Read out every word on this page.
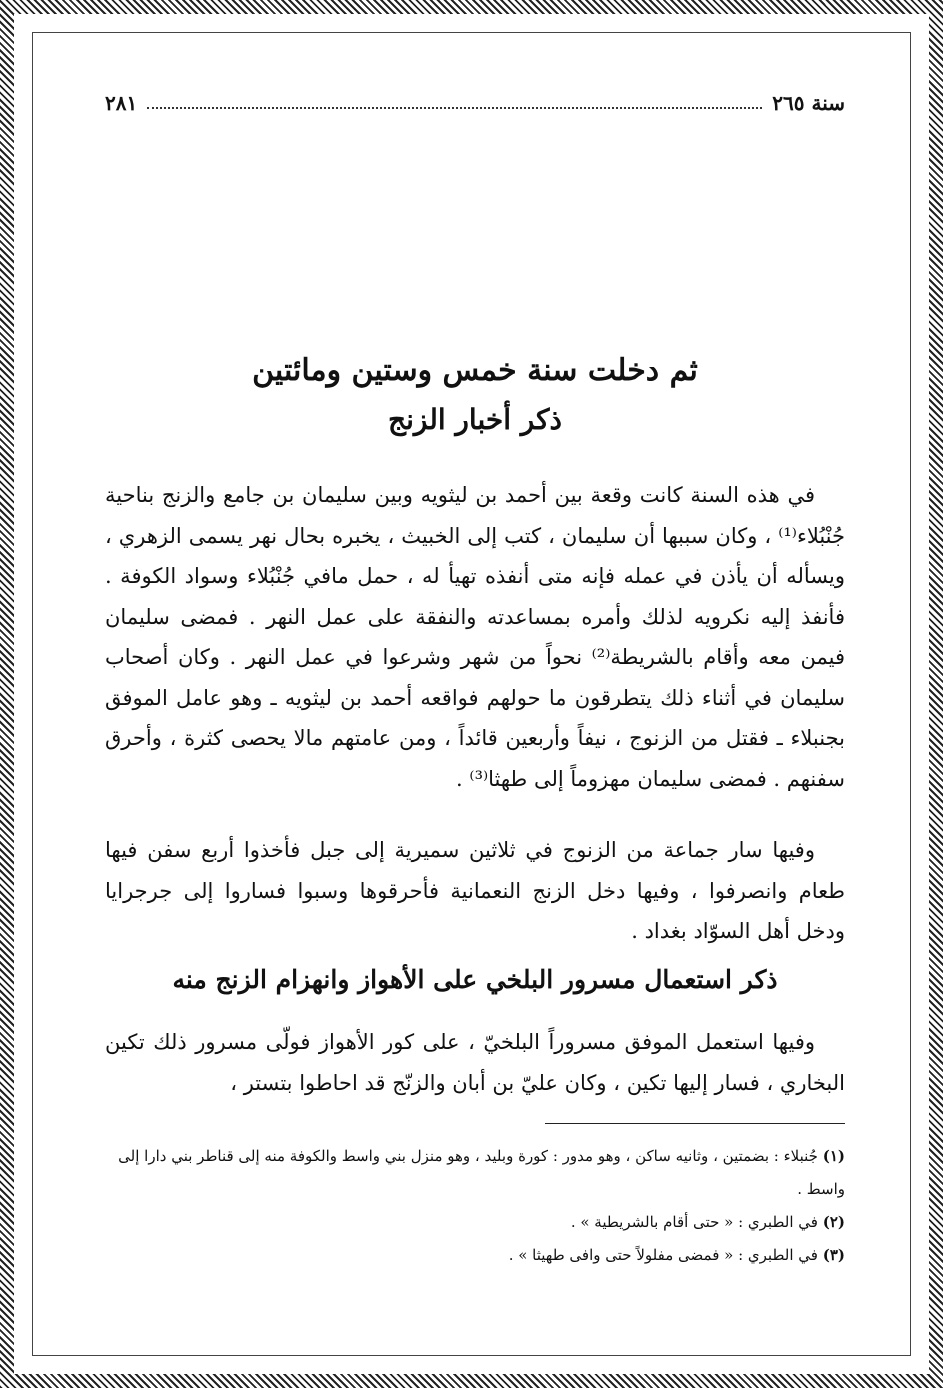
سنة ٢٦٥
٢٨١
ثم دخلت سنة خمس وستين ومائتين
ذكر أخبار الزنج

في هذه السنة كانت وقعة بين أحمد بن ليثويه وبين سليمان بن جامع والزنج بناحية جُنْبُلاء⁽¹⁾ ، وكان سببها أن سليمان ، كتب إلى الخبيث ، يخبره بحال نهر يسمى الزهري ، ويسأله أن يأذن في عمله فإنه متى أنفذه تهيأ له ، حمل مافي جُنْبُلاء وسواد الكوفة . فأنفذ إليه نكرويه لذلك وأمره بمساعدته والنفقة على عمل النهر . فمضى سليمان فيمن معه وأقام بالشريطة⁽²⁾ نحواً من شهر وشرعوا في عمل النهر . وكان أصحاب سليمان في أثناء ذلك يتطرقون ما حولهم فواقعه أحمد بن ليثويه ـ وهو عامل الموفق بجنبلاء ـ فقتل من الزنوج ، نيفاً وأربعين قائداً ، ومن عامتهم مالا يحصى كثرة ، وأحرق سفنهم . فمضى سليمان مهزوماً إلى طهثا⁽³⁾ .

وفيها سار جماعة من الزنوج في ثلاثين سميرية إلى جبل فأخذوا أربع سفن فيها طعام وانصرفوا ، وفيها دخل الزنج النعمانية فأحرقوها وسبوا فساروا إلى جرجرايا ودخل أهل السوّاد بغداد .

ذكر استعمال مسرور البلخي على الأهواز وانهزام الزنج منه

وفيها استعمل الموفق مسروراً البلخيّ ، على كور الأهواز فولّى مسرور ذلك تكين البخاري ، فسار إليها تكين ، وكان عليّ بن أبان والزنّج قد احاطوا بتستر ،

(١) جُنبلاء : بضمتين ، وثانيه ساكن ، وهو مدور : كورة وبليد ، وهو منزل بني واسط والكوفة منه إلى قناطر بني دارا إلى واسط .
(٢) في الطبري : « حتى أقام بالشريطية » .
(٣) في الطبري : « فمضى مفلولاً حتى وافى طهيثا » .
